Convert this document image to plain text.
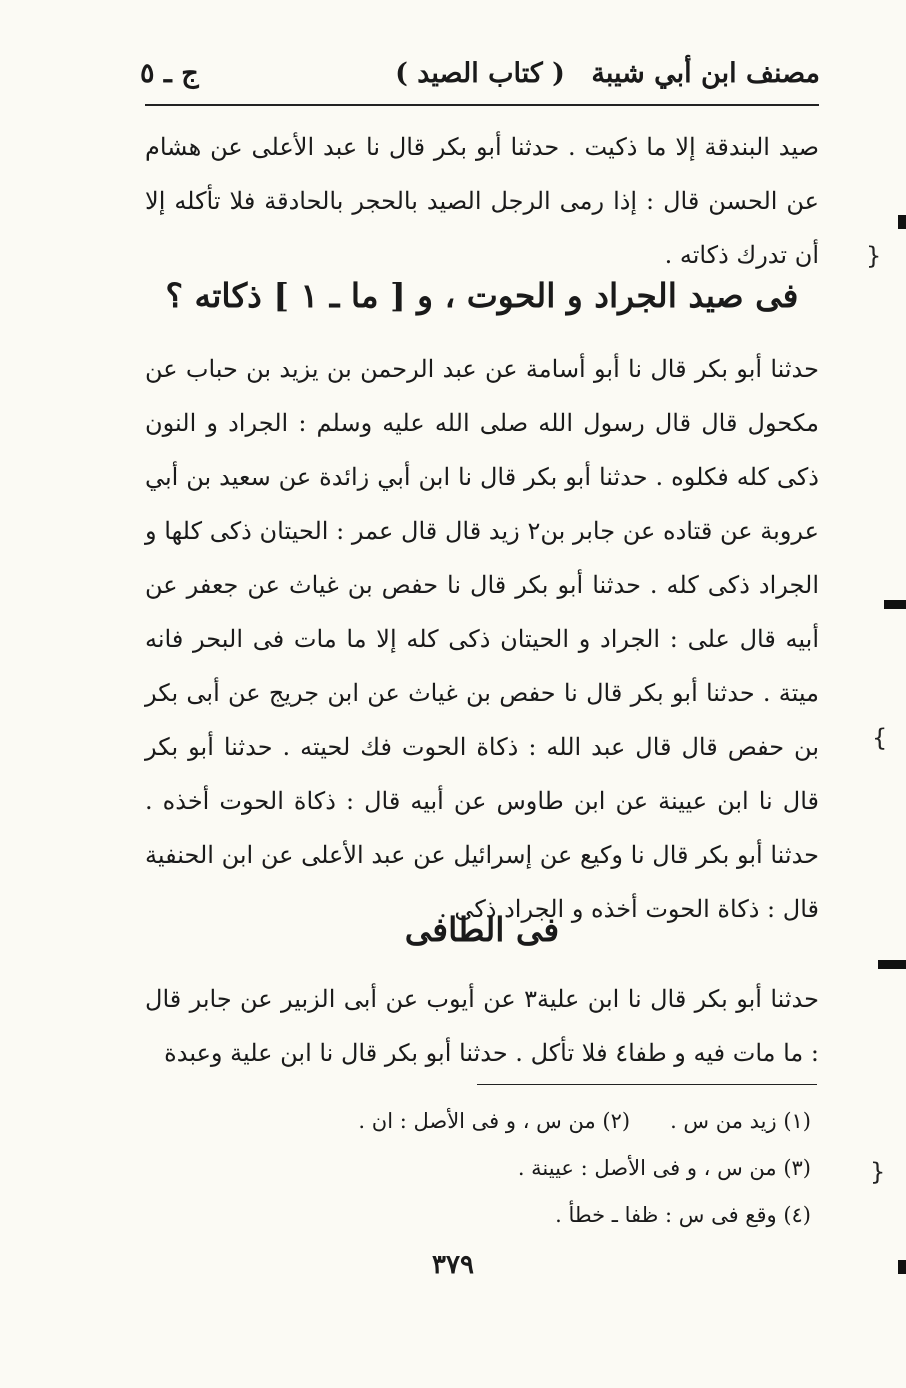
مصنف ابن أبي شيبة
( كتاب الصيد )
ج ـ ٥
صيد البندقة إلا ما ذكيت . حدثنا أبو بكر قال نا عبد الأعلى عن هشام عن الحسن قال : إذا رمى الرجل الصيد بالحجر بالحادقة فلا تأكله إلا أن تدرك ذكاته .
فى صيد الجراد و الحوت ، و [ ما ـ ١ ] ذكاته ؟
حدثنا أبو بكر قال نا أبو أسامة عن عبد الرحمن بن يزيد بن حباب عن مكحول قال قال رسول الله صلى الله عليه وسلم : الجراد و النون ذكى كله فكلوه . حدثنا أبو بكر قال نا ابن أبي زائدة عن سعيد بن أبي عروبة عن قتاده عن جابر بن٢ زيد قال قال عمر : الحيتان ذكى كلها و الجراد ذكى كله . حدثنا أبو بكر قال نا حفص بن غياث عن جعفر عن أبيه قال على : الجراد و الحيتان ذكى كله إلا ما مات فى البحر فانه ميتة . حدثنا أبو بكر قال نا حفص بن غياث عن ابن جريج عن أبى بكر بن حفص قال قال عبد الله : ذكاة الحوت فك لحيته . حدثنا أبو بكر قال نا ابن عيينة عن ابن طاوس عن أبيه قال : ذكاة الحوت أخذه . حدثنا أبو بكر قال نا وكيع عن إسرائيل عن عبد الأعلى عن ابن الحنفية قال : ذكاة الحوت أخذه و الجراد ذكى .
فى الطافى
حدثنا أبو بكر قال نا ابن علية٣ عن أيوب عن أبى الزبير عن جابر قال : ما مات فيه و طفا٤ فلا تأكل . حدثنا أبو بكر قال نا ابن علية وعبدة
(١) زيد من س .(٢) من س ، و فى الأصل : ان .
(٣) من س ، و فى الأصل : عيينة .
(٤) وقع فى س : ظفا ـ خطأ .
٣٧٩
}
{
}
